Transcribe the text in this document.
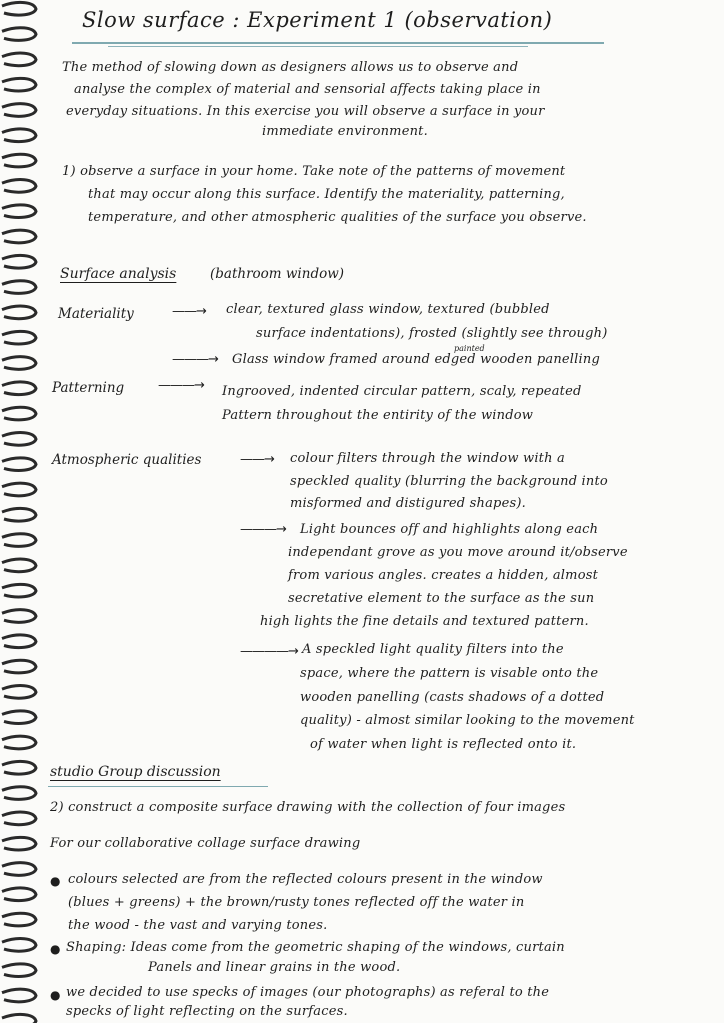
Slow surface : Experiment 1 (observation)
The method of slowing down as designers allows us to observe and
analyse the complex of material and sensorial affects taking place in
everyday situations. In this exercise you will observe a surface in your
immediate environment.
1) observe a surface in your home. Take note of the patterns of movement
that may occur along this surface. Identify the materiality, patterning,
temperature, and other atmospheric qualities of the surface you observe.
Surface analysis (bathroom window)
Materiality	——→ clear, textured glass window, textured (bubbled
surface indentations), frosted (slightly see through)
painted
———→ Glass window framed around edged wooden panelling
Patterning	———→ Ingrooved, indented circular pattern, scaly, repeated
Pattern throughout the entirity of the window
Atmospheric qualities	——→ colour filters through the window with a
speckled quality (blurring the background into
misformed and distigured shapes).
———→ Light bounces off and highlights along each
independant grove as you move around it/observe
from various angles. creates a hidden, almost
secretative element to the surface as the sun
high lights the fine details and textured pattern.
————→ A speckled light quality filters into the
space, where the pattern is visable onto the
wooden panelling (casts shadows of a dotted
quality) - almost similar looking to the movement
of water when light is reflected onto it.
studio Group discussion
2) construct a composite surface drawing with the collection of four images
For our collaborative collage surface drawing
● colours selected are from the reflected colours present in the window
(blues + greens) + the brown/rusty tones reflected off the water in
the wood - the vast and varying tones.
● Shaping: Ideas come from the geometric shaping of the windows, curtain
Panels and linear grains in the wood.
● we decided to use specks of images (our photographs) as referal to the
specks of light reflecting on the surfaces.
